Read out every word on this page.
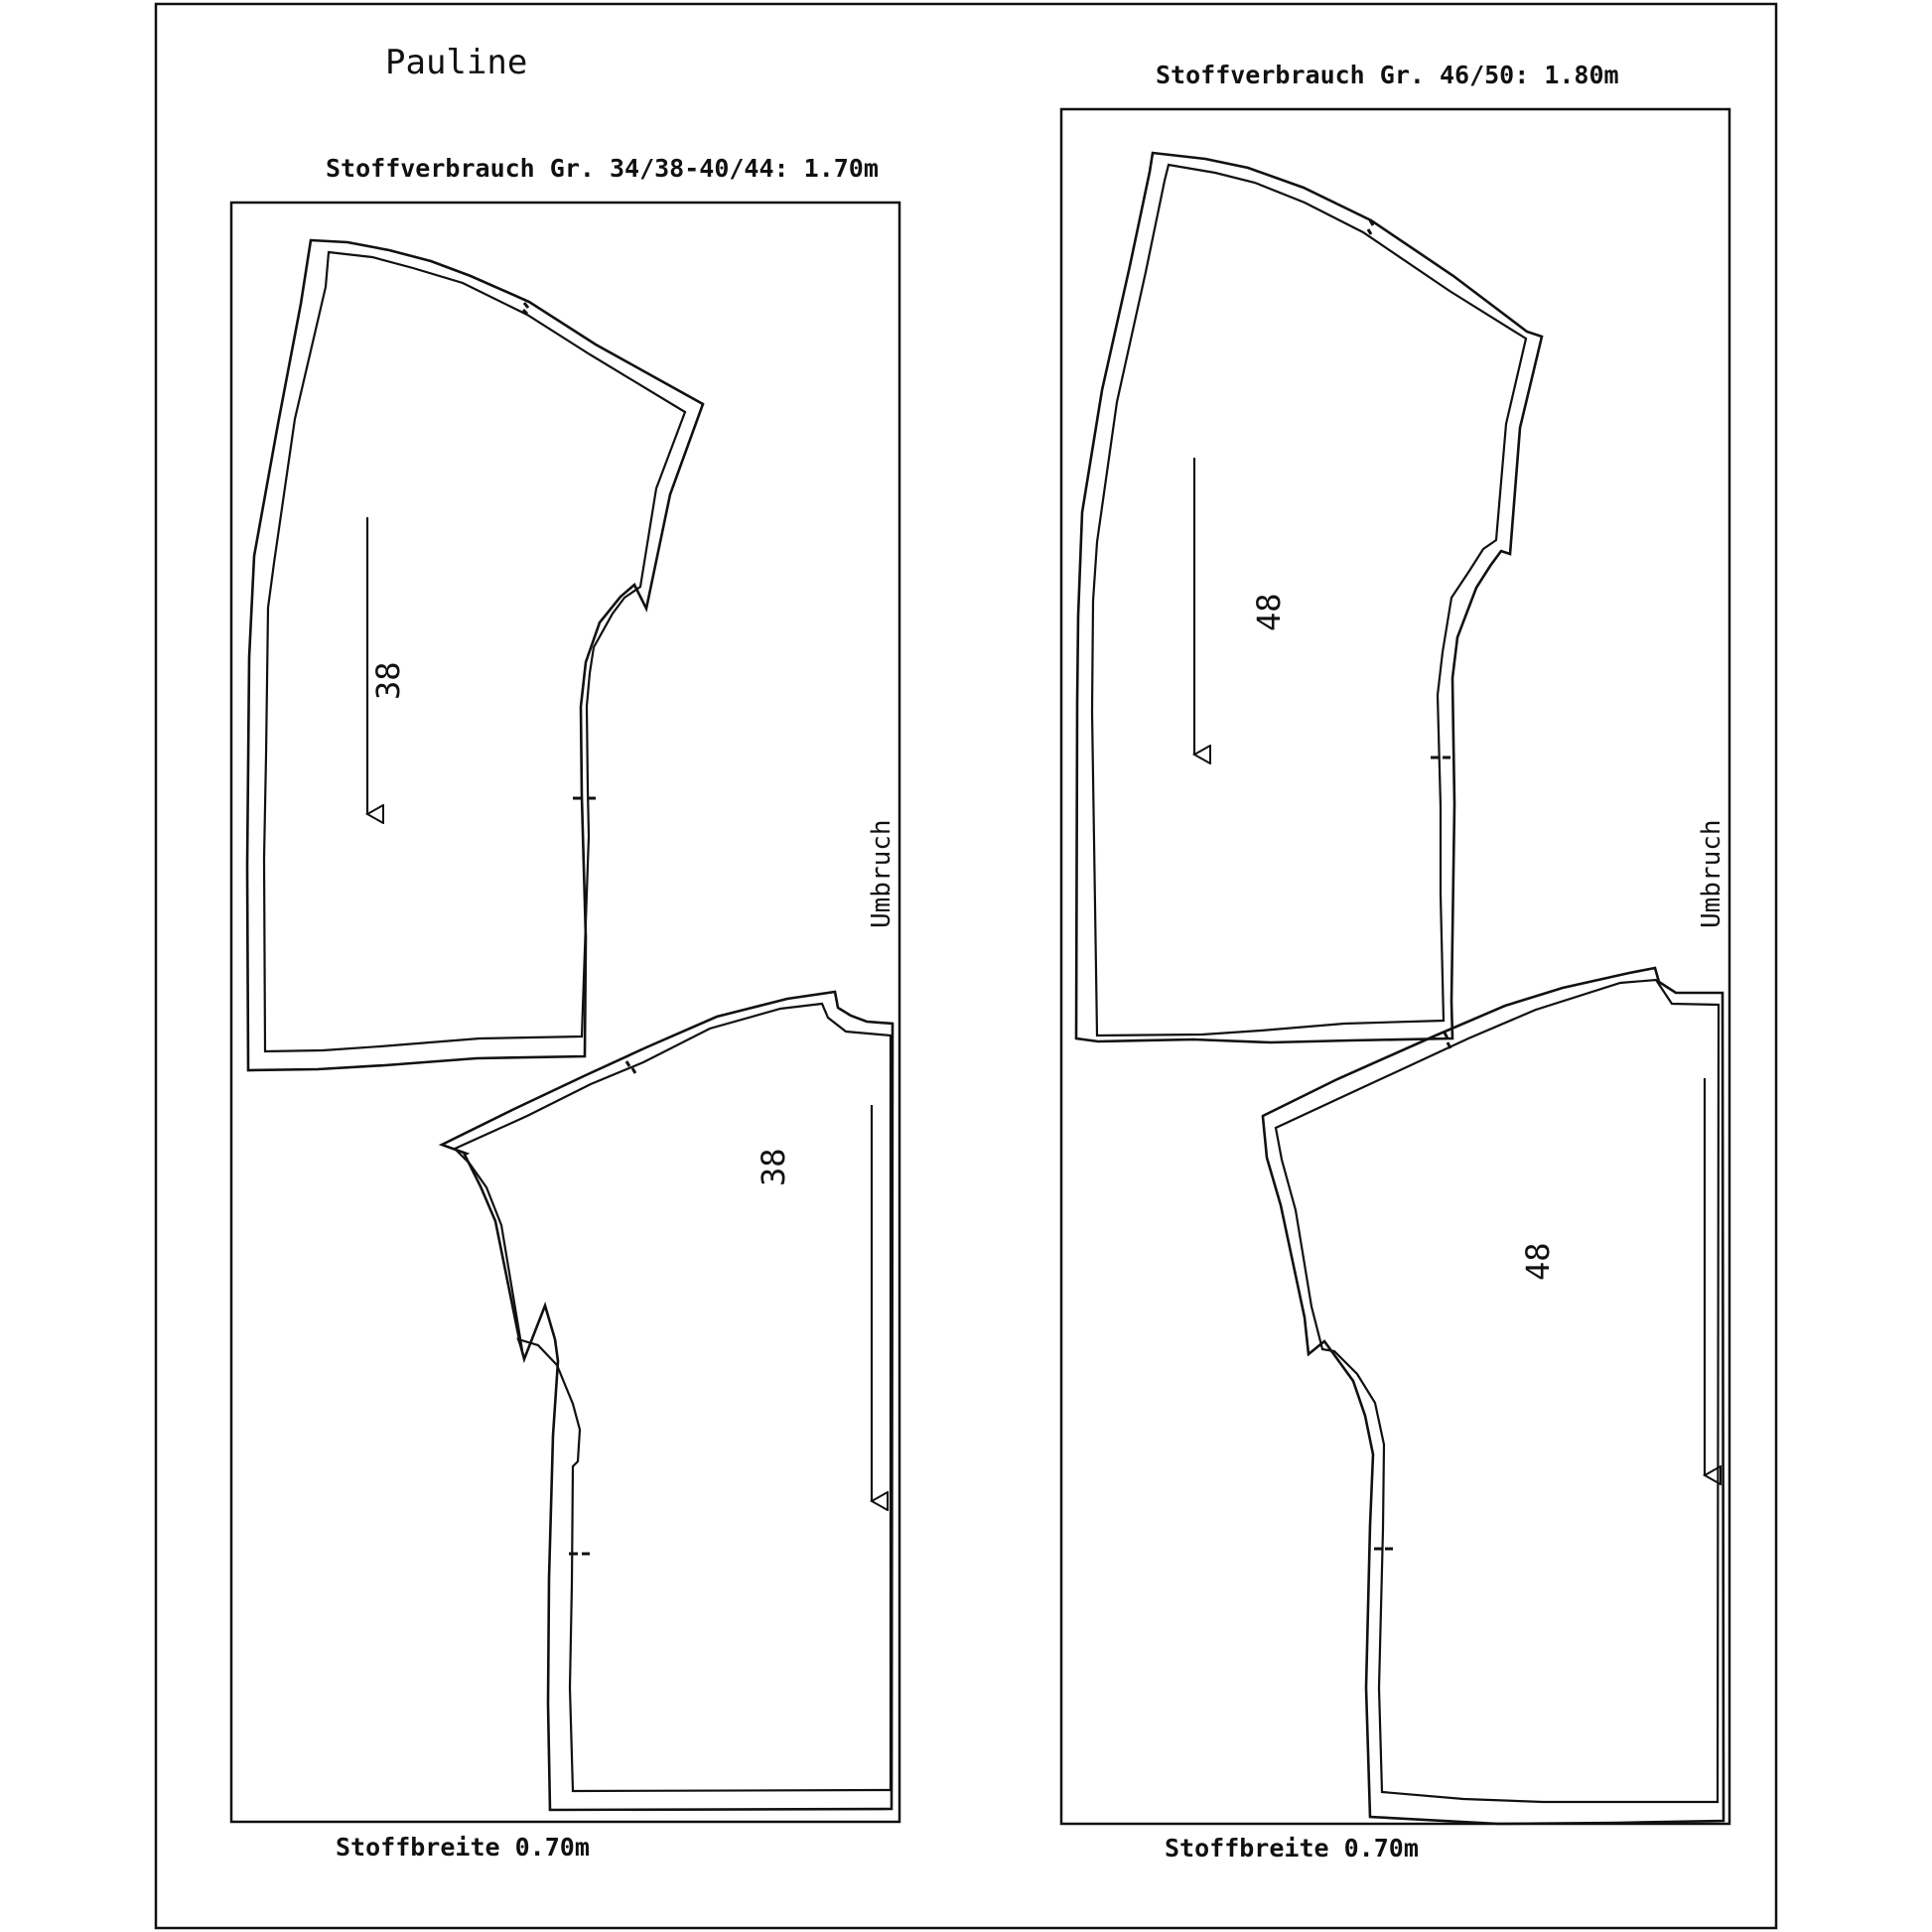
Pauline
Stoffverbrauch Gr. 34/38-40/44: 1.70m
Stoffbreite 0.70m
Umbruch
38
38
Stoffverbrauch Gr. 46/50: 1.80m
Stoffbreite 0.70m
Umbruch
48
48
